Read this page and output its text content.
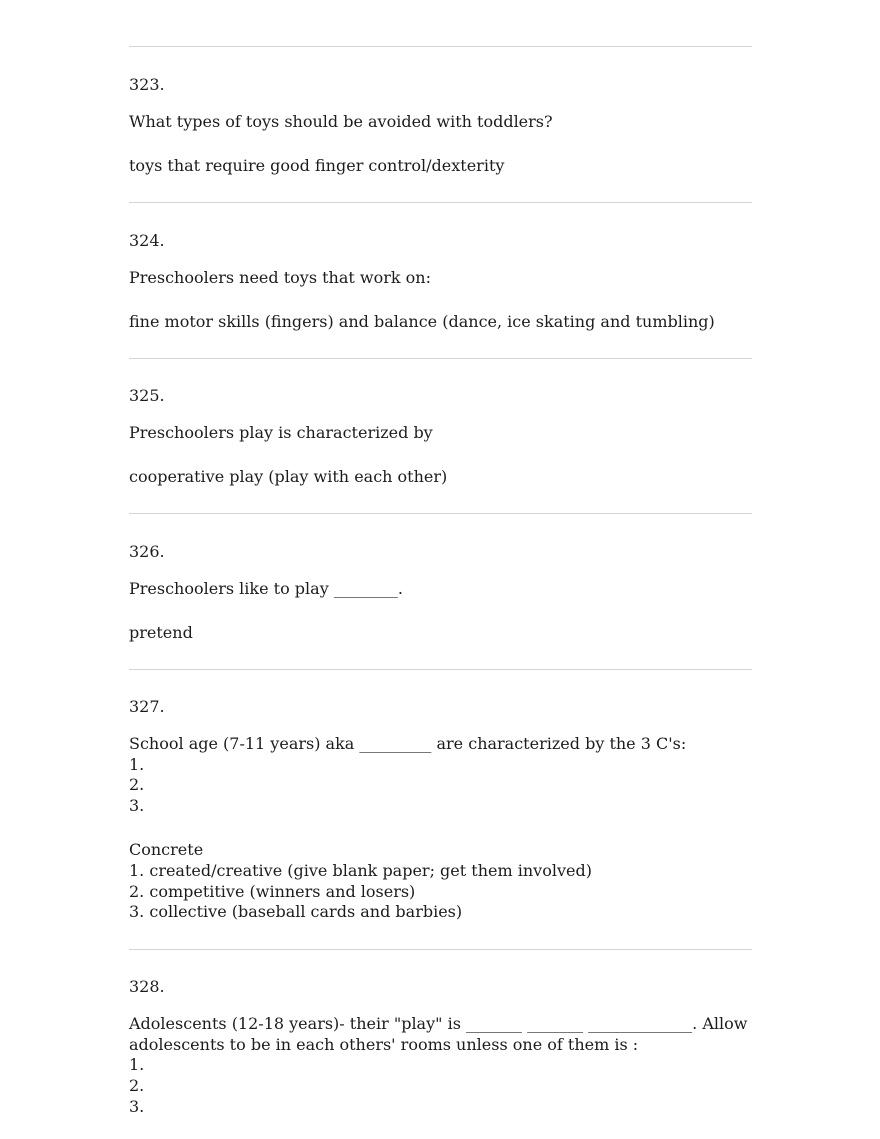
323.

What types of toys should be avoided with toddlers?

toys that require good finger control/dexterity

324.

Preschoolers need toys that work on:

fine motor skills (fingers) and balance (dance, ice skating and tumbling)

325.

Preschoolers play is characterized by

cooperative play (play with each other)

326.

Preschoolers like to play ________.

pretend

327.

School age (7-11 years) aka _________ are characterized by the 3 C's:
1.
2.
3.

Concrete
1. created/creative (give blank paper; get them involved)
2. competitive (winners and losers)
3. collective (baseball cards and barbies)

328.

Adolescents (12-18 years)- their "play" is _______ _______ _____________. Allow adolescents to be in each others' rooms unless one of them is :
1.
2.
3.
